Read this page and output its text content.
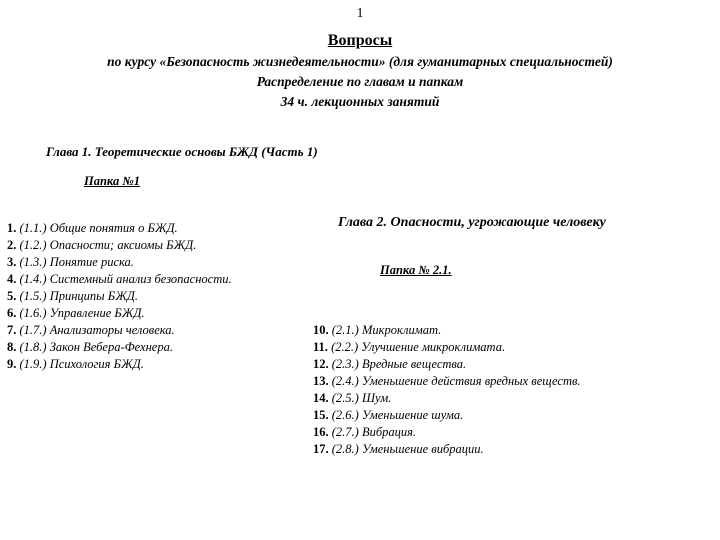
1
Вопросы
по курсу «Безопасность жизнедеятельности» (для гуманитарных специальностей)
Распределение по главам и папкам
34 ч. лекционных занятий
Глава 1. Теоретические основы БЖД (Часть 1)
Папка №1
1. (1.1.) Общие понятия о БЖД.
2. (1.2.) Опасности; аксиомы БЖД.
3. (1.3.) Понятие риска.
4. (1.4.) Системный анализ безопасности.
5. (1.5.) Принципы БЖД.
6. (1.6.) Управление БЖД.
7. (1.7.) Анализаторы человека.
8. (1.8.) Закон Вебера-Фехнера.
9. (1.9.) Психология БЖД.
Глава 2. Опасности, угрожающие человеку
Папка № 2.1.
10. (2.1.) Микроклимат.
11. (2.2.) Улучшение микроклимата.
12. (2.3.) Вредные вещества.
13. (2.4.) Уменьшение действия вредных веществ.
14. (2.5.) Шум.
15. (2.6.) Уменьшение шума.
16. (2.7.) Вибрация.
17. (2.8.) Уменьшение вибрации.
